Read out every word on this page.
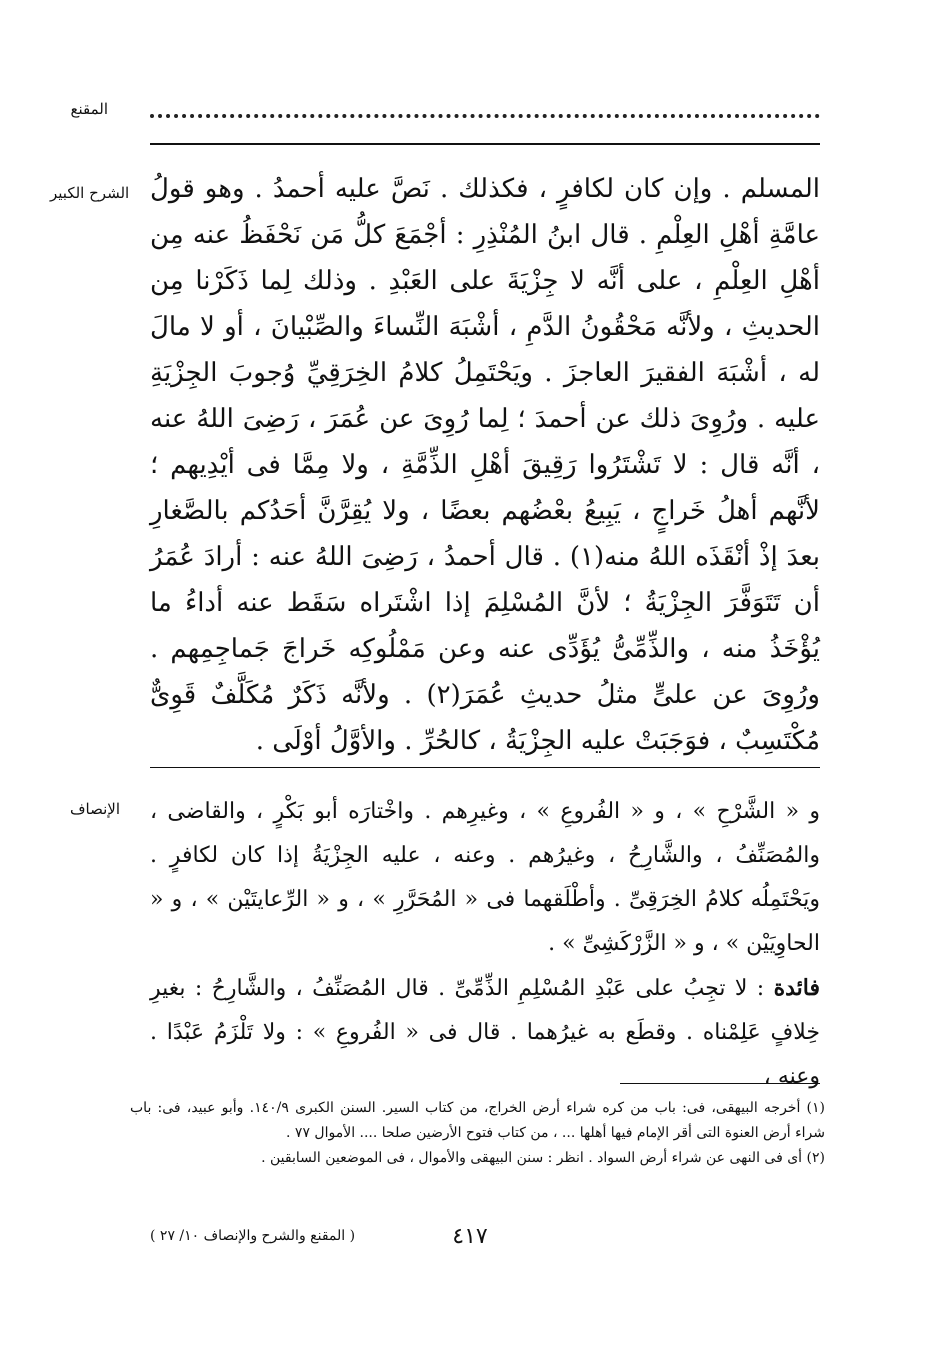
المقنع
الشرح الكبير المسلم . وإن كان لكافرٍ ، فكذلك . نَصَّ عليه أحمدُ . وهو قولُ عامَّةِ أهْلِ العِلْمِ . قال ابنُ المُنْذِرِ : أجْمَعَ كلُّ مَن نَحْفَظُ عنه مِن أهْلِ العِلْمِ ، على أنَّه لا جِزْيَةَ على العَبْدِ . وذلك لِما ذَكَرْنا مِن الحديثِ ، ولأنَّه مَحْقُونُ الدَّمِ ، أشْبَهَ النِّساءَ والصِّبْيانَ ، أو لا مالَ له ، أشْبَهَ الفقيرَ العاجزَ . ويَحْتَمِلُ كلامُ الخِرَقِيِّ وُجوبَ الجِزْيَةِ عليه . ورُوِىَ ذلك عن أحمدَ ؛ لِما رُوِىَ عن عُمَرَ ، رَضِىَ اللهُ عنه ، أنَّه قال : لا تَشْتَرُوا رَقِيقَ أهْلِ الذِّمَّةِ ، ولا مِمَّا فى أيْدِيهم ؛ لأنَّهم أهلُ خَراجٍ ، يَبِيعُ بعْضُهم بعضًا ، ولا يُقِرَّنَّ أحَدُكم بالصَّغارِ بعدَ إذْ أنْقَذَه اللهُ منه(١) . قال أحمدُ ، رَضِىَ اللهُ عنه : أرادَ عُمَرُ أن تَتَوَفَّرَ الجِزْيَةُ ؛ لأنَّ المُسْلِمَ إذا اشْتَراه سَقَط عنه أداءُ ما يُؤْخَذُ منه ، والذِّمِّىُّ يُؤَدِّى عنه وعن مَمْلُوكِه خَراجَ جَماجِمِهم . ورُوِىَ عن علىٍّ مثلُ حديثِ عُمَرَ(٢) . ولأنَّه ذَكَرٌ مُكَلَّفٌ قَوِىٌّ مُكْتَسِبٌ ، فوَجَبَتْ عليه الجِزْيَةُ ، كالحُرِّ . والأوَّلُ أوْلَى .

الإنصاف	و « الشَّرْحِ » ، و « الفُروعِ » ، وغيرِهم . واخْتارَه أبو بَكْرٍ ، والقاضى ، والمُصَنِّفُ ، والشَّارِحُ ، وغيرُهم . وعنه ، عليه الجِزْيَةُ إذا كان لكافرٍ . ويَحْتَمِلُه كلامُ الخِرَقِىِّ . وأطْلَقهما فى « المُحَرَّرِ » ، و « الرِّعايتَيْن » ، و « الحاوِيَيْن » ، و « الزَّرْكَشِىِّ » .

فائدة : لا تجِبُ على عَبْدِ المُسْلِمِ الذِّمِّىِّ . قال المُصَنِّفُ ، والشَّارِحُ : بغيرِ خِلافٍ عَلِمْناه . وقطَع به غيرُهما . قال فى « الفُروعِ » : ولا تَلْزَمُ عَبْدًا . وعنه ،

(١) أخرجه البيهقى، فى: باب من كره شراء أرض الخراج، من كتاب السير. السنن الكبرى ١٤٠/٩. وأبو عبيد، فى: باب شراء أرض العنوة التى أقر الإمام فيها أهلها ... ، من كتاب فتوح الأرضين صلحا .... الأموال ٧٧ .

(٢) أى فى النهى عن شراء أرض السواد . انظر : سنن البيهقى والأموال ، فى الموضعين السابقين .

٤١٧
( المقنع والشرح والإنصاف ١٠/ ٢٧ )
